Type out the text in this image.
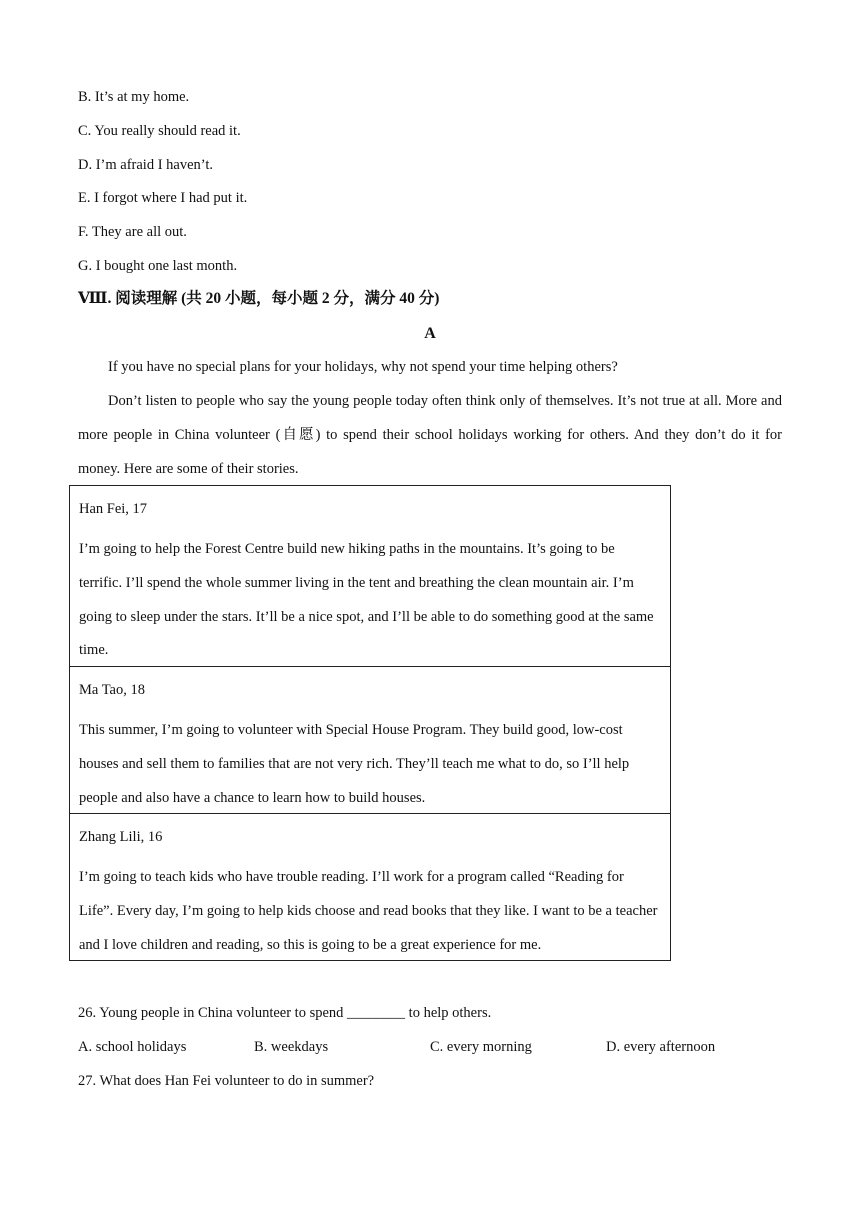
B. It’s at my home.
C. You really should read it.
D. I’m afraid I haven’t.
E. I forgot where I had put it.
F. They are all out.
G. I bought one last month.
Ⅷ. 阅读理解 (共 20 小题，每小题 2 分，满分 40 分)
A
If you have no special plans for your holidays, why not spend your time helping others?
Don’t listen to people who say the young people today often think only of themselves. It’s not true at all. More and more people in China volunteer (自愿) to spend their school holidays working for others. And they don’t do it for money. Here are some of their stories.
Han Fei, 17
I’m going to help the Forest Centre build new hiking paths in the mountains. It’s going to be terrific. I’ll spend the whole summer living in the tent and breathing the clean mountain air. I’m going to sleep under the stars. It’ll be a nice spot, and I’ll be able to do something good at the same time.
Ma Tao, 18
This summer, I’m going to volunteer with Special House Program. They build good, low-cost houses and sell them to families that are not very rich. They’ll teach me what to do, so I’ll help people and also have a chance to learn how to build houses.
Zhang Lili, 16
I’m going to teach kids who have trouble reading. I’ll work for a program called “Reading for Life”. Every day, I’m going to help kids choose and read books that they like. I want to be a teacher and I love children and reading, so this is going to be a great experience for me.
26. Young people in China volunteer to spend ________ to help others.
A. school holidays	B. weekdays	C. every morning	D. every afternoon
27. What does Han Fei volunteer to do in summer?
